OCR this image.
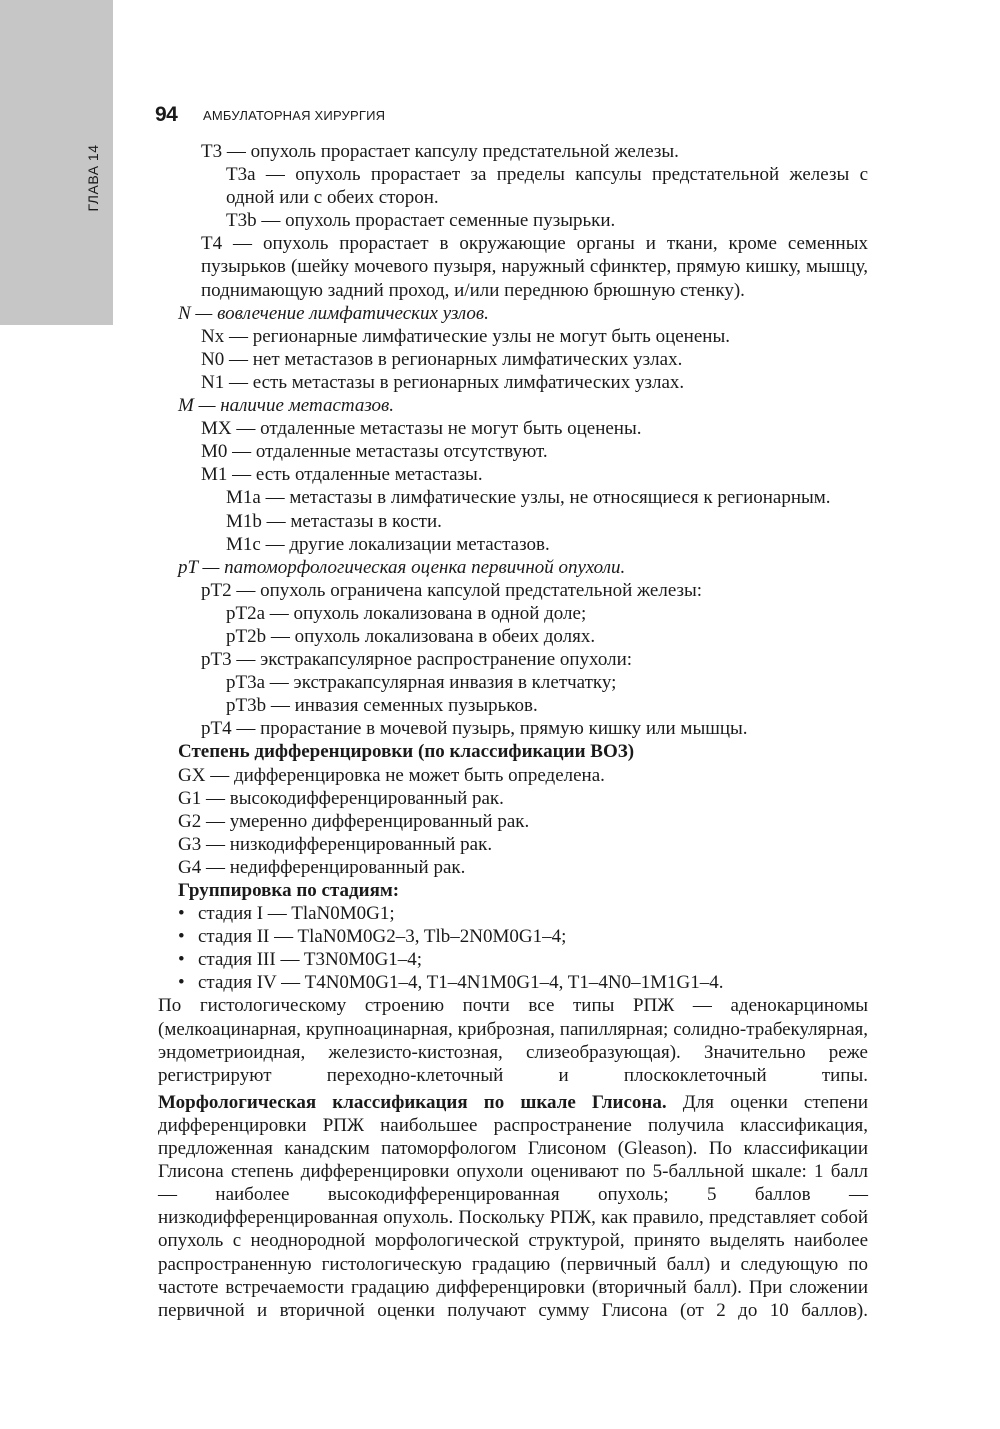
ГЛАВА 14
94 АМБУЛАТОРНАЯ ХИРУРГИЯ
T3 — опухоль прорастает капсулу предстательной железы.
T3a — опухоль прорастает за пределы капсулы предстательной железы с одной или с обеих сторон.
T3b — опухоль прорастает семенные пузырьки.
T4 — опухоль прорастает в окружающие органы и ткани, кроме семенных пузырьков (шейку мочевого пузыря, наружный сфинктер, прямую кишку, мышцу, поднимающую задний проход, и/или переднюю брюшную стенку).
N — вовлечение лимфатических узлов.
Nx — регионарные лимфатические узлы не могут быть оценены.
N0 — нет метастазов в регионарных лимфатических узлах.
N1 — есть метастазы в регионарных лимфатических узлах.
M — наличие метастазов.
MX — отдаленные метастазы не могут быть оценены.
M0 — отдаленные метастазы отсутствуют.
M1 — есть отдаленные метастазы.
M1a — метастазы в лимфатические узлы, не относящиеся к регионарным.
M1b — метастазы в кости.
M1c — другие локализации метастазов.
pT — патоморфологическая оценка первичной опухоли.
pT2 — опухоль ограничена капсулой предстательной железы:
pT2a — опухоль локализована в одной доле;
pT2b — опухоль локализована в обеих долях.
pT3 — экстракапсулярное распространение опухоли:
pT3a — экстракапсулярная инвазия в клетчатку;
pT3b — инвазия семенных пузырьков.
pT4 — прорастание в мочевой пузырь, прямую кишку или мышцы.
Степень дифференцировки (по классификации ВОЗ)
GX — дифференцировка не может быть определена.
G1 — высокодифференцированный рак.
G2 — умеренно дифференцированный рак.
G3 — низкодифференцированный рак.
G4 — недифференцированный рак.
Группировка по стадиям:
• стадия I — TlaN0M0G1;
• стадия II — TlaN0M0G2–3, Tlb–2N0M0G1–4;
• стадия III — T3N0M0G1–4;
• стадия IV — T4N0M0G1–4, T1–4N1M0G1–4, T1–4N0–1M1G1–4.
По гистологическому строению почти все типы РПЖ — аденокарциномы (мелкоацинарная, крупноацинарная, криброзная, папиллярная; солидно-трабекулярная, эндометриоидная, железисто-кистозная, слизеобразующая). Значительно реже регистрируют переходно-клеточный и плоскоклеточный типы.
Морфологическая классификация по шкале Глисона. Для оценки степени дифференцировки РПЖ наибольшее распространение получила классификация, предложенная канадским патоморфологом Глисоном (Gleason). По классификации Глисона степень дифференцировки опухоли оценивают по 5-балльной шкале: 1 балл — наиболее высокодифференцированная опухоль; 5 баллов — низкодифференцированная опухоль. Поскольку РПЖ, как правило, представляет собой опухоль с неоднородной морфологической структурой, принято выделять наиболее распространенную гистологическую градацию (первичный балл) и следующую по частоте встречаемости градацию дифференцировки (вторичный балл). При сложении первичной и вторичной оценки получают сумму Глисона (от 2 до 10 баллов).
